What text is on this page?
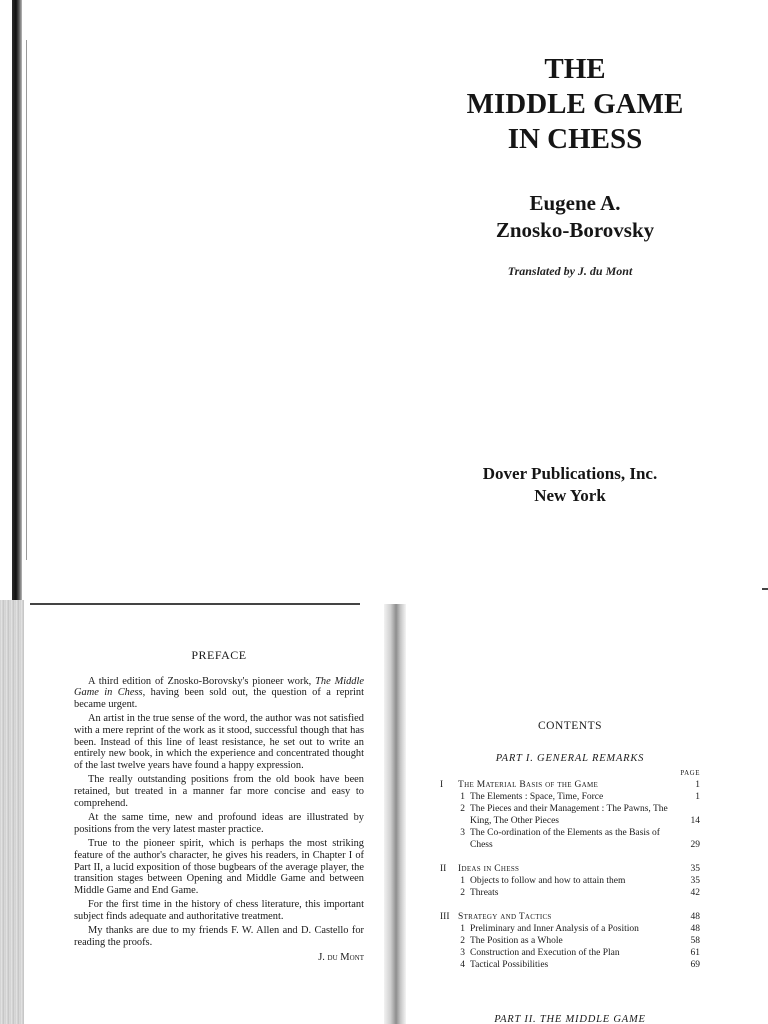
THE
MIDDLE GAME
IN CHESS
Eugene A.
Znosko-Borovsky
Translated by J. du Mont
Dover Publications, Inc.
New York
PREFACE

A third edition of Znosko-Borovsky's pioneer work, The Middle Game in Chess, having been sold out, the question of a reprint became urgent.

An artist in the true sense of the word, the author was not satisfied with a mere reprint of the work as it stood, successful though that has been. Instead of this line of least resistance, he set out to write an entirely new book, in which the experience and concentrated thought of the last twelve years have found a happy expression.

The really outstanding positions from the old book have been retained, but treated in a manner far more concise and easy to comprehend.

At the same time, new and profound ideas are illustrated by positions from the very latest master practice.

True to the pioneer spirit, which is perhaps the most striking feature of the author's character, he gives his readers, in Chapter I of Part II, a lucid exposition of those bugbears of the average player, the transition stages between Opening and Middle Game and between Middle Game and End Game.

For the first time in the history of chess literature, this important subject finds adequate and authoritative treatment.

My thanks are due to my friends F. W. Allen and D. Castello for reading the proofs.

J. du Mont
CONTENTS
PART I. GENERAL REMARKS
PAGE
I	The Material Basis of the Game	1
1 The Elements : Space, Time, Force	1
2 The Pieces and their Management : The Pawns, The King, The Other Pieces	14
3 The Co-ordination of the Elements as the Basis of Chess	29
II	Ideas in Chess	35
1 Objects to follow and how to attain them	35
2 Threats	42
III Strategy and Tactics	48
1 Preliminary and Inner Analysis of a Position	48
2 The Position as a Whole	58
3 Construction and Execution of the Plan	61
4 Tactical Possibilities	69
PART II. THE MIDDLE GAME
